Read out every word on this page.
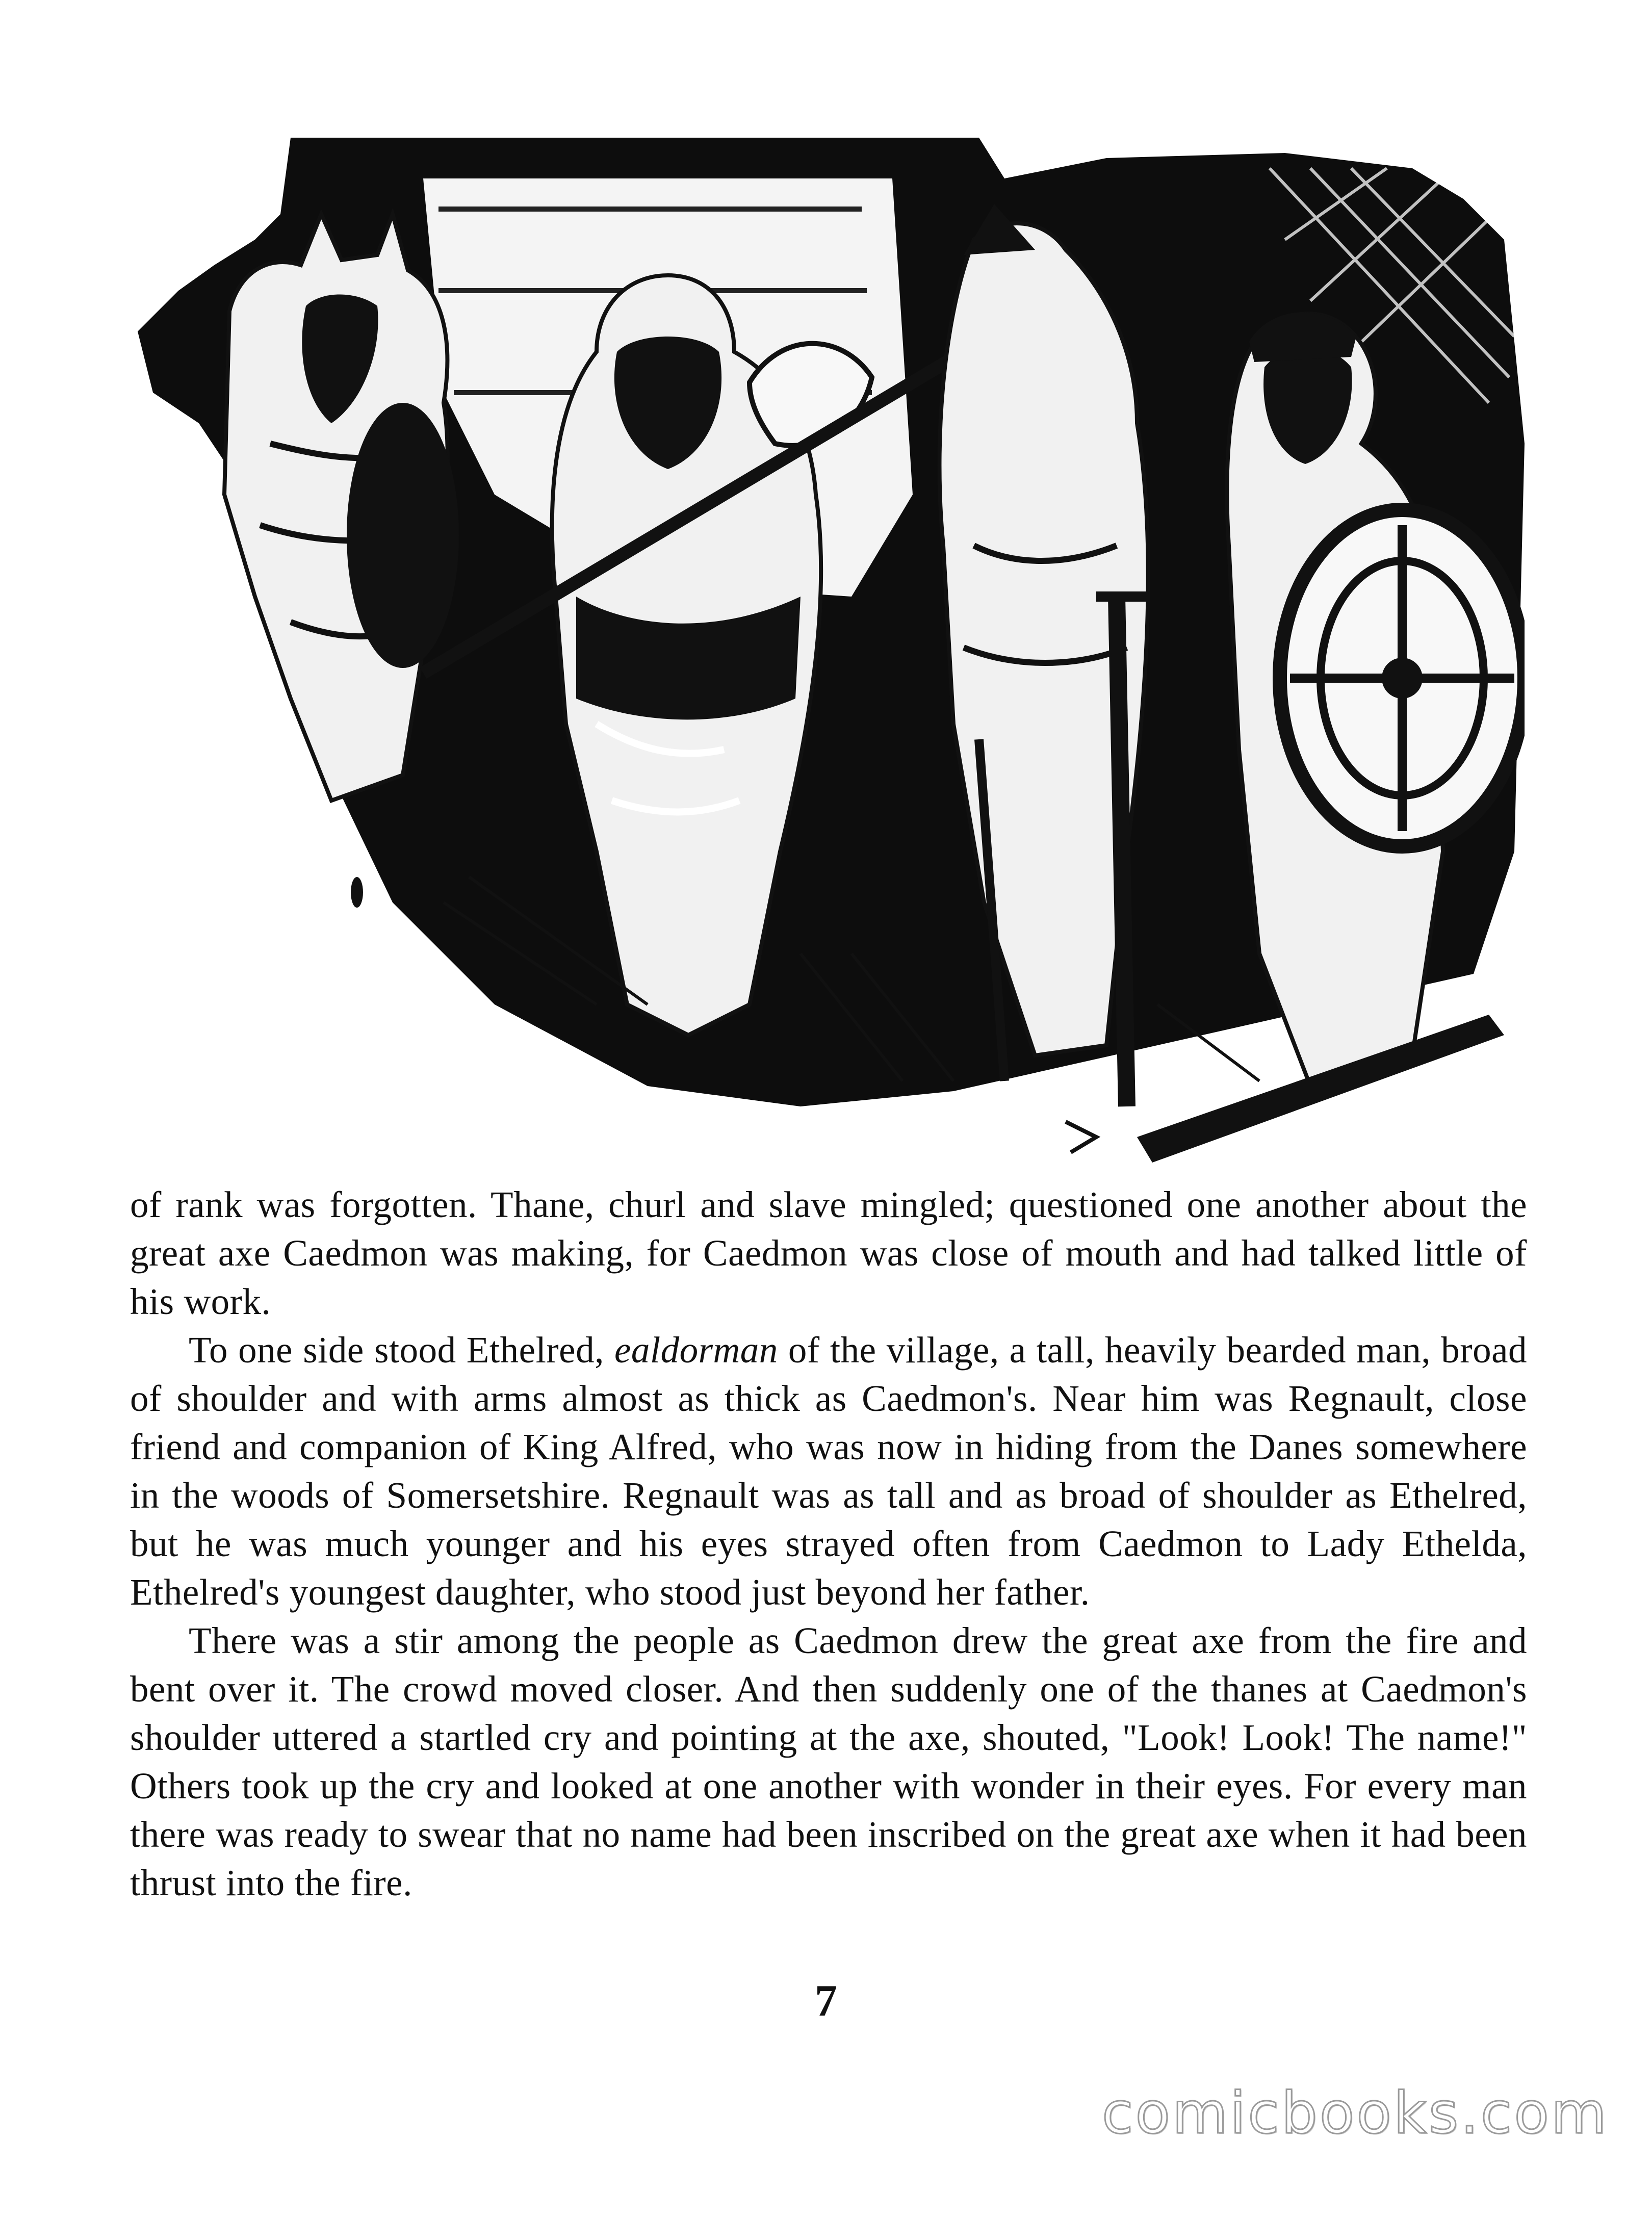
of rank was forgotten. Thane, churl and slave mingled; questioned one another about the great axe Caedmon was making, for Caedmon was close of mouth and had talked little of his work.

To one side stood Ethelred, ealdorman of the village, a tall, heavily bearded man, broad of shoulder and with arms almost as thick as Caedmon's. Near him was Regnault, close friend and companion of King Alfred, who was now in hiding from the Danes somewhere in the woods of Somersetshire. Regnault was as tall and as broad of shoulder as Ethelred, but he was much younger and his eyes strayed often from Caedmon to Lady Ethelda, Ethelred's youngest daughter, who stood just beyond her father.

There was a stir among the people as Caedmon drew the great axe from the fire and bent over it. The crowd moved closer. And then suddenly one of the thanes at Caedmon's shoulder uttered a startled cry and pointing at the axe, shouted, "Look! Look! The name!" Others took up the cry and looked at one another with wonder in their eyes. For every man there was ready to swear that no name had been inscribed on the great axe when it had been thrust into the fire.

7
comicbooks.com
